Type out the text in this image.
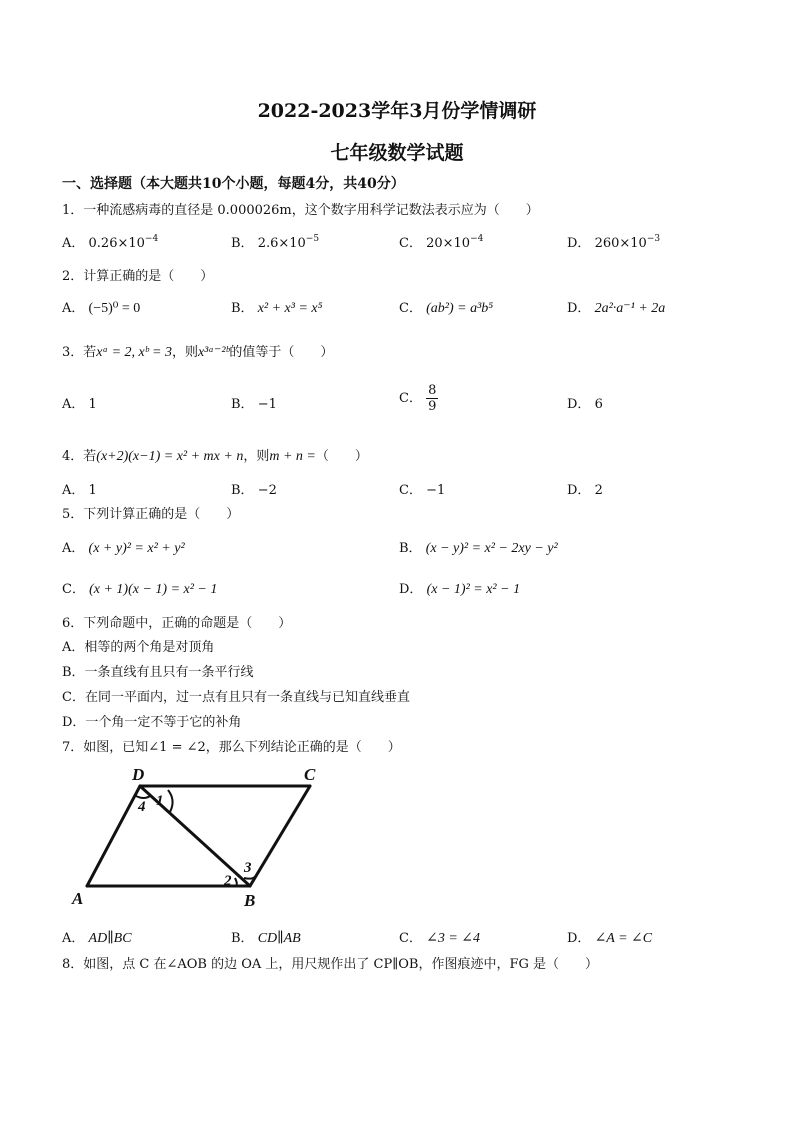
2022-2023学年3月份学情调研
七年级数学试题
一、选择题（本大题共10个小题，每题4分，共40分）
1．一种流感病毒的直径是 0.000026m，这个数字用科学记数法表示应为（　　）
A． $0.26\times 10^{-4}$	B． $2.6\times 10^{-5}$	C． $20\times 10^{-4}$	D． $260\times 10^{-3}$
2．计算正确的是（　　）
A． (−5)⁰ = 0	B． x² + x³ = x⁵	C． (ab²) = a³b⁵	D． 2a²·a⁻¹ + 2a
3．若xᵃ = 2, xᵇ = 3，则x³ᵃ⁻²ᵇ的值等于（　　）
A． 1	B． −1	C． $\frac{8}{9}$	D． 6
4．若(x+2)(x−1) = x² + mx + n，则m + n =（　　）
A． 1	B． −2	C． −1	D． 2
5．下列计算正确的是（　　）
A． (x + y)² = x² + y²	B． (x − y)² = x² − 2xy − y²
C． (x + 1)(x − 1) = x² − 1	D． (x − 1)² = x² − 1
6．下列命题中，正确的命题是（　　）
A．相等的两个角是对顶角
B．一条直线有且只有一条平行线
C．在同一平面内，过一点有且只有一条直线与已知直线垂直
D．一个角一定不等于它的补角
7．如图，已知∠1 = ∠2，那么下列结论正确的是（　　）
D	C
A	B
1
4
2
3
A． AD∥BC	B． CD∥AB	C． ∠3 = ∠4	D． ∠A = ∠C
8．如图，点 C 在∠AOB 的边 OA 上，用尺规作出了 CP∥OB，作图痕迹中，FG 是（　　）
